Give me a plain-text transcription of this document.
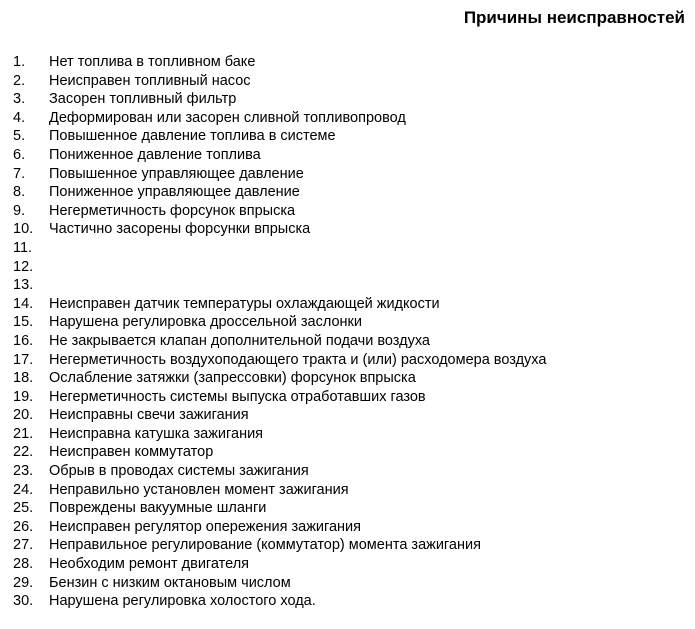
Причины неисправностей
1. Нет топлива в топливном баке
2. Неисправен топливный насос
3. Засорен топливный фильтр
4. Деформирован или засорен сливной топливопровод
5. Повышенное давление топлива в системе
6. Пониженное давление топлива
7. Повышенное управляющее давление
8. Пониженное управляющее давление
9. Негерметичность форсунок впрыска
10. Частично засорены форсунки впрыска
11.
12.
13.
14. Неисправен датчик температуры охлаждающей жидкости
15. Нарушена регулировка дроссельной заслонки
16. Не закрывается клапан дополнительной подачи воздуха
17. Негерметичность воздухоподающего тракта и (или) расходомера воздуха
18. Ослабление затяжки (запрессовки) форсунок впрыска
19. Негерметичность системы выпуска отработавших газов
20. Неисправны свечи зажигания
21. Неисправна катушка зажигания
22. Неисправен коммутатор
23. Обрыв в проводах системы зажигания
24. Неправильно установлен момент зажигания
25. Повреждены вакуумные шланги
26. Неисправен регулятор опережения зажигания
27. Неправильное регулирование (коммутатор) момента зажигания
28. Необходим ремонт двигателя
29. Бензин с низким октановым числом
30. Нарушена регулировка холостого хода.
